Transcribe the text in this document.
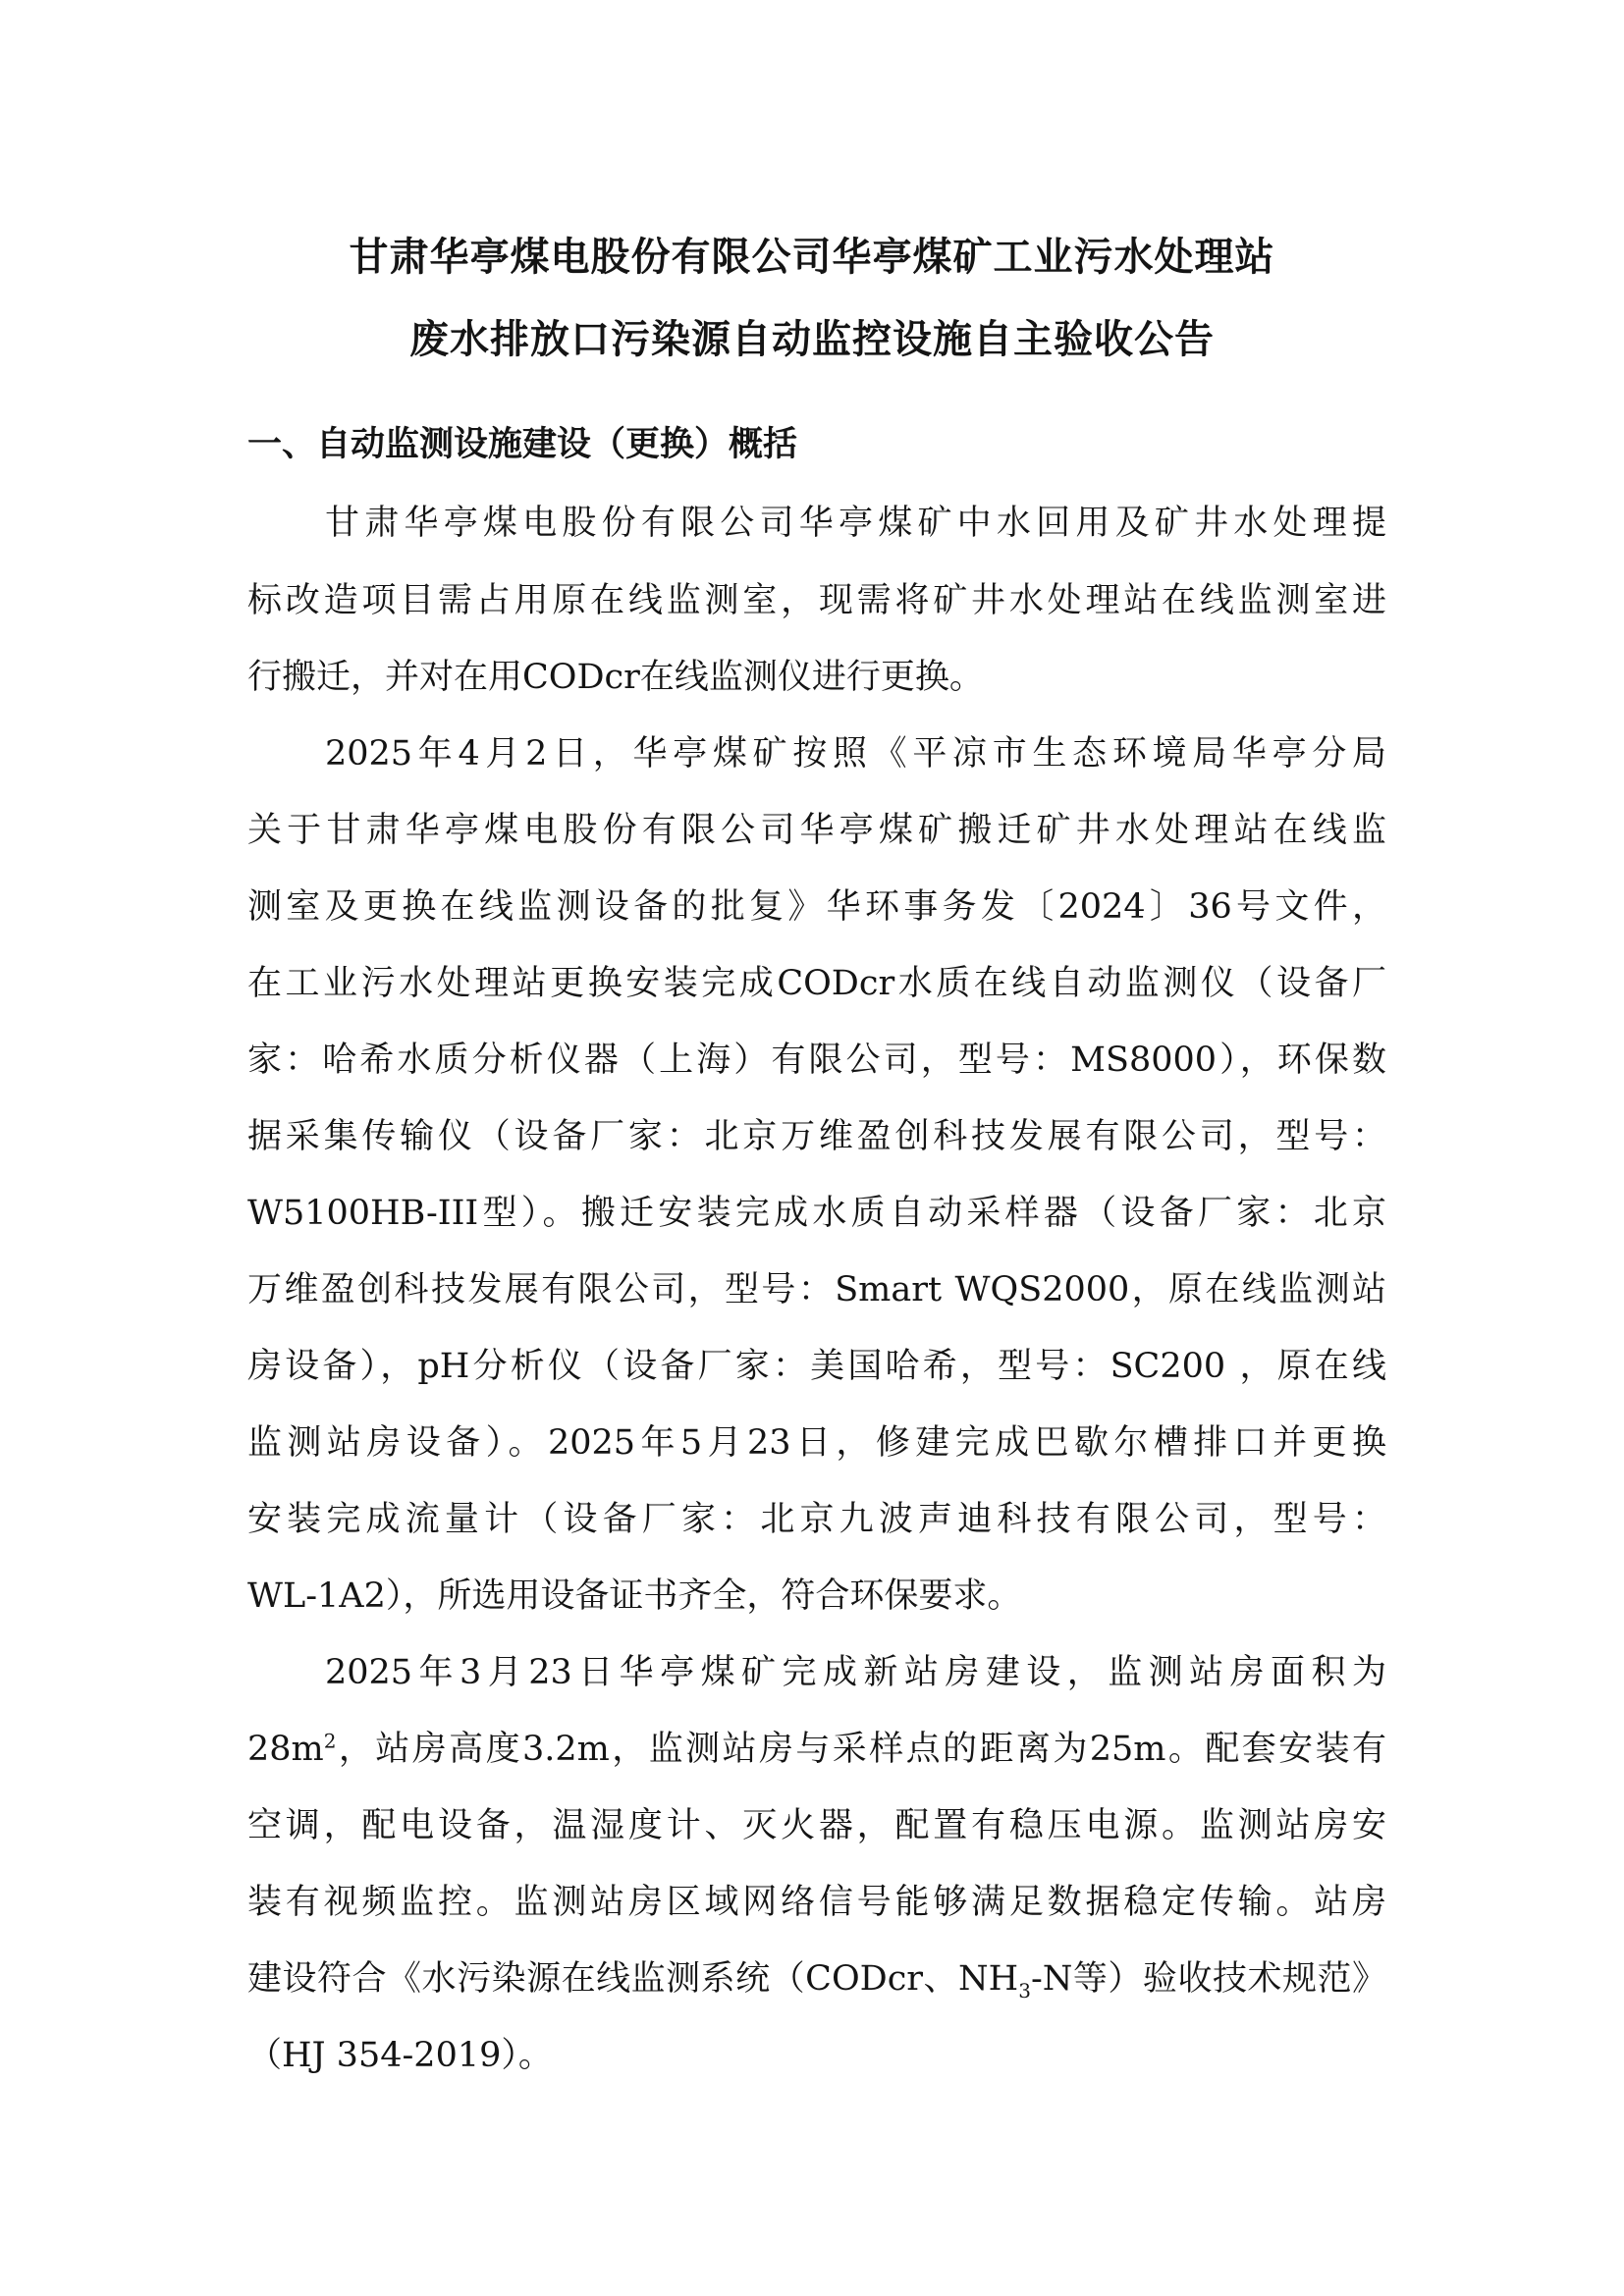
甘肃华亭煤电股份有限公司华亭煤矿工业污水处理站
废水排放口污染源自动监控设施自主验收公告
一、自动监测设施建设（更换）概括
甘肃华亭煤电股份有限公司华亭煤矿中水回用及矿井水处理提
标改造项目需占用原在线监测室，现需将矿井水处理站在线监测室进
行搬迁，并对在用CODcr在线监测仪进行更换。
2025年4月2日，华亭煤矿按照《平凉市生态环境局华亭分局
关于甘肃华亭煤电股份有限公司华亭煤矿搬迁矿井水处理站在线监
测室及更换在线监测设备的批复》华环事务发〔2024〕36号文件，
在工业污水处理站更换安装完成CODcr水质在线自动监测仪（设备厂
家：哈希水质分析仪器（上海）有限公司，型号：MS8000），环保数
据采集传输仪（设备厂家：北京万维盈创科技发展有限公司，型号：
W5100HB-III型）。搬迁安装完成水质自动采样器（设备厂家：北京
万维盈创科技发展有限公司，型号：Smart WQS2000，原在线监测站
房设备），pH分析仪（设备厂家：美国哈希，型号：SC200 ，原在线
监测站房设备）。2025年5月23日，修建完成巴歇尔槽排口并更换
安装完成流量计（设备厂家：北京九波声迪科技有限公司，型号：
WL-1A2），所选用设备证书齐全，符合环保要求。
2025年3月23日华亭煤矿完成新站房建设，监测站房面积为
$28m^2$，站房高度3.2m，监测站房与采样点的距离为25m。配套安装有
空调，配电设备，温湿度计、灭火器，配置有稳压电源。监测站房安
装有视频监控。监测站房区域网络信号能够满足数据稳定传输。站房
建设符合《水污染源在线监测系统（CODcr、$NH_3-N$等）验收技术规范》
（HJ 354-2019）。
